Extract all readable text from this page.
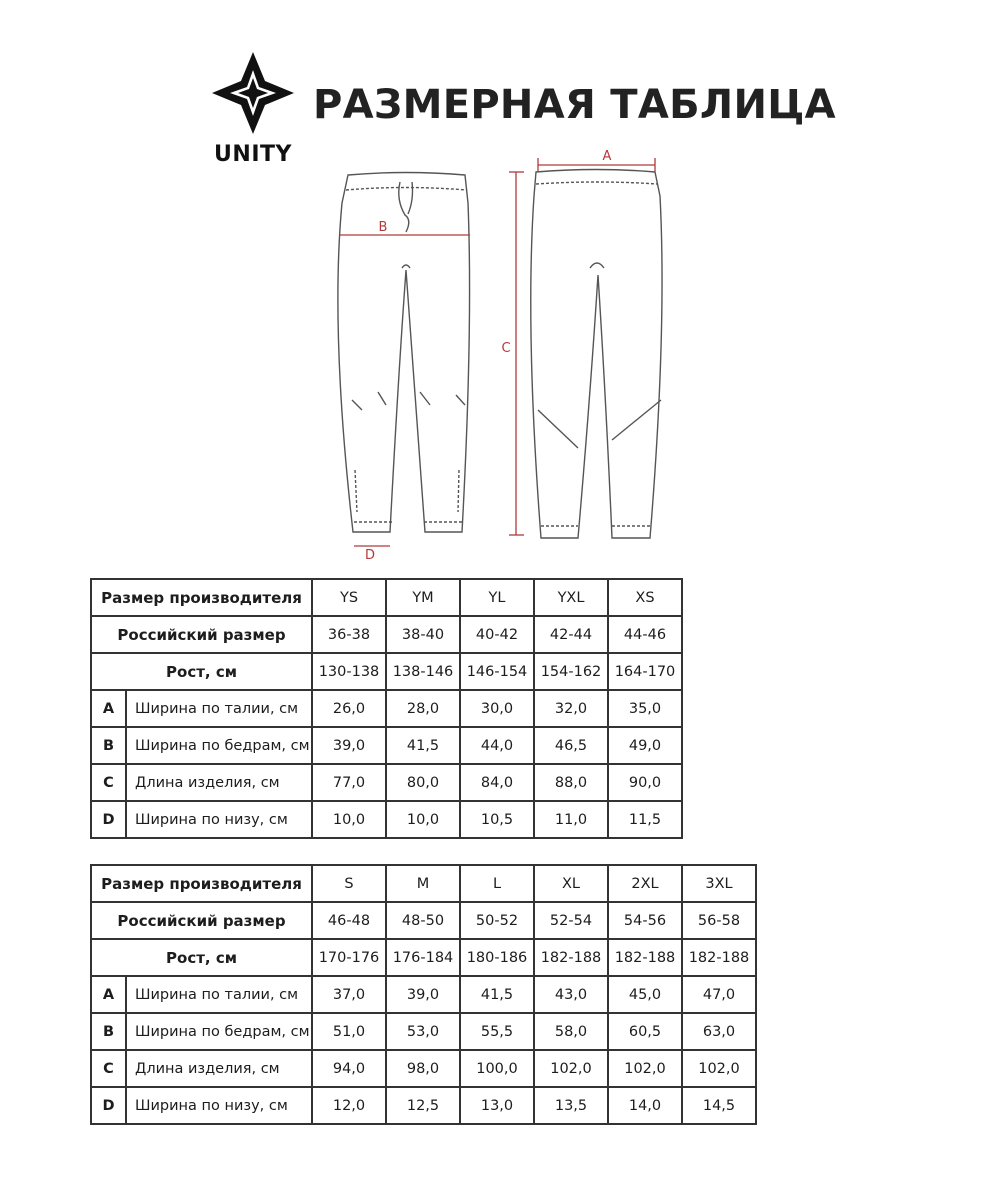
UNITY
РАЗМЕРНАЯ ТАБЛИЦА
B
A
C
D
Размер производителя		YS	YM	YL	YXL	XS
Российский размер		36-38	38-40	40-42	42-44	44-46
Рост, см		130-138	138-146	146-154	154-162	164-170
A	Ширина по талии, см	26,0	28,0	30,0	32,0	35,0
B	Ширина по бедрам, см	39,0	41,5	44,0	46,5	49,0
C	Длина изделия, см	77,0	80,0	84,0	88,0	90,0
D	Ширина по низу, см	10,0	10,0	10,5	11,0	11,5
Размер производителя		S	M	L	XL	2XL	3XL
Российский размер		46-48	48-50	50-52	52-54	54-56	56-58
Рост, см		170-176	176-184	180-186	182-188	182-188	182-188
A	Ширина по талии, см	37,0	39,0	41,5	43,0	45,0	47,0
B	Ширина по бедрам, см	51,0	53,0	55,5	58,0	60,5	63,0
C	Длина изделия, см	94,0	98,0	100,0	102,0	102,0	102,0
D	Ширина по низу, см	12,0	12,5	13,0	13,5	14,0	14,5
